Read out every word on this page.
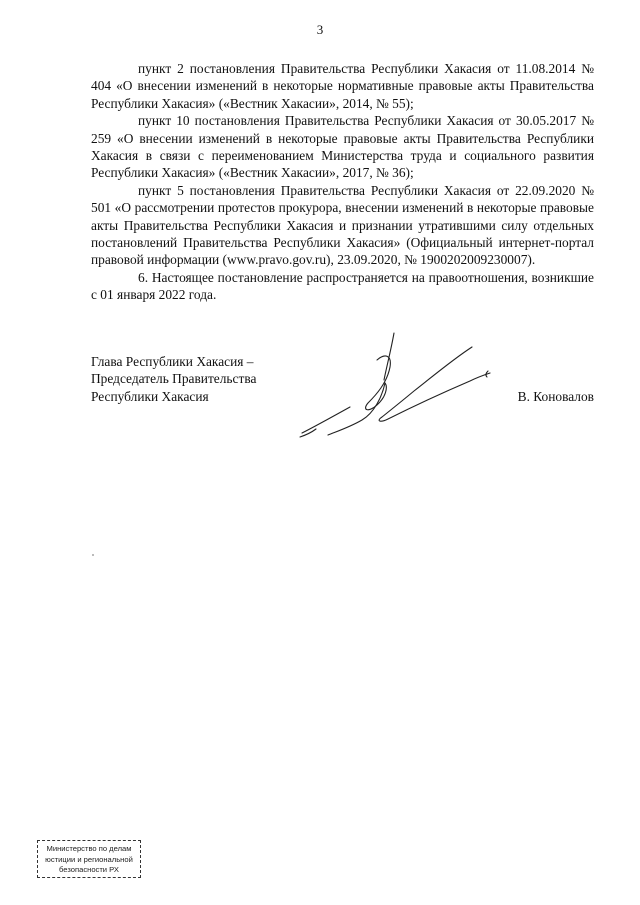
3

пункт 2 постановления Правительства Республики Хакасия от 11.08.2014 № 404 «О внесении изменений в некоторые нормативные правовые акты Правительства Республики Хакасия» («Вестник Хакасии», 2014, № 55);

пункт 10 постановления Правительства Республики Хакасия от 30.05.2017 № 259 «О внесении изменений в некоторые правовые акты Правительства Республики Хакасия в связи с переименованием Министерства труда и социального развития Республики Хакасия» («Вестник Хакасии», 2017, № 36);

пункт 5 постановления Правительства Республики Хакасия от 22.09.2020 № 501 «О рассмотрении протестов прокурора, внесении изменений в некоторые правовые акты Правительства Республики Хакасия и признании утратившими силу отдельных постановлений Правительства Республики Хакасия» (Официальный интернет-портал правовой информации (www.pravo.gov.ru), 23.09.2020, № 1900202009230007).

6. Настоящее постановление распространяется на правоотношения, возникшие с 01 января 2022 года.

Глава Республики Хакасия –
Председатель Правительства
Республики Хакасия	В. Коновалов
Министерство по делам
юстиции и региональной
безопасности РХ
